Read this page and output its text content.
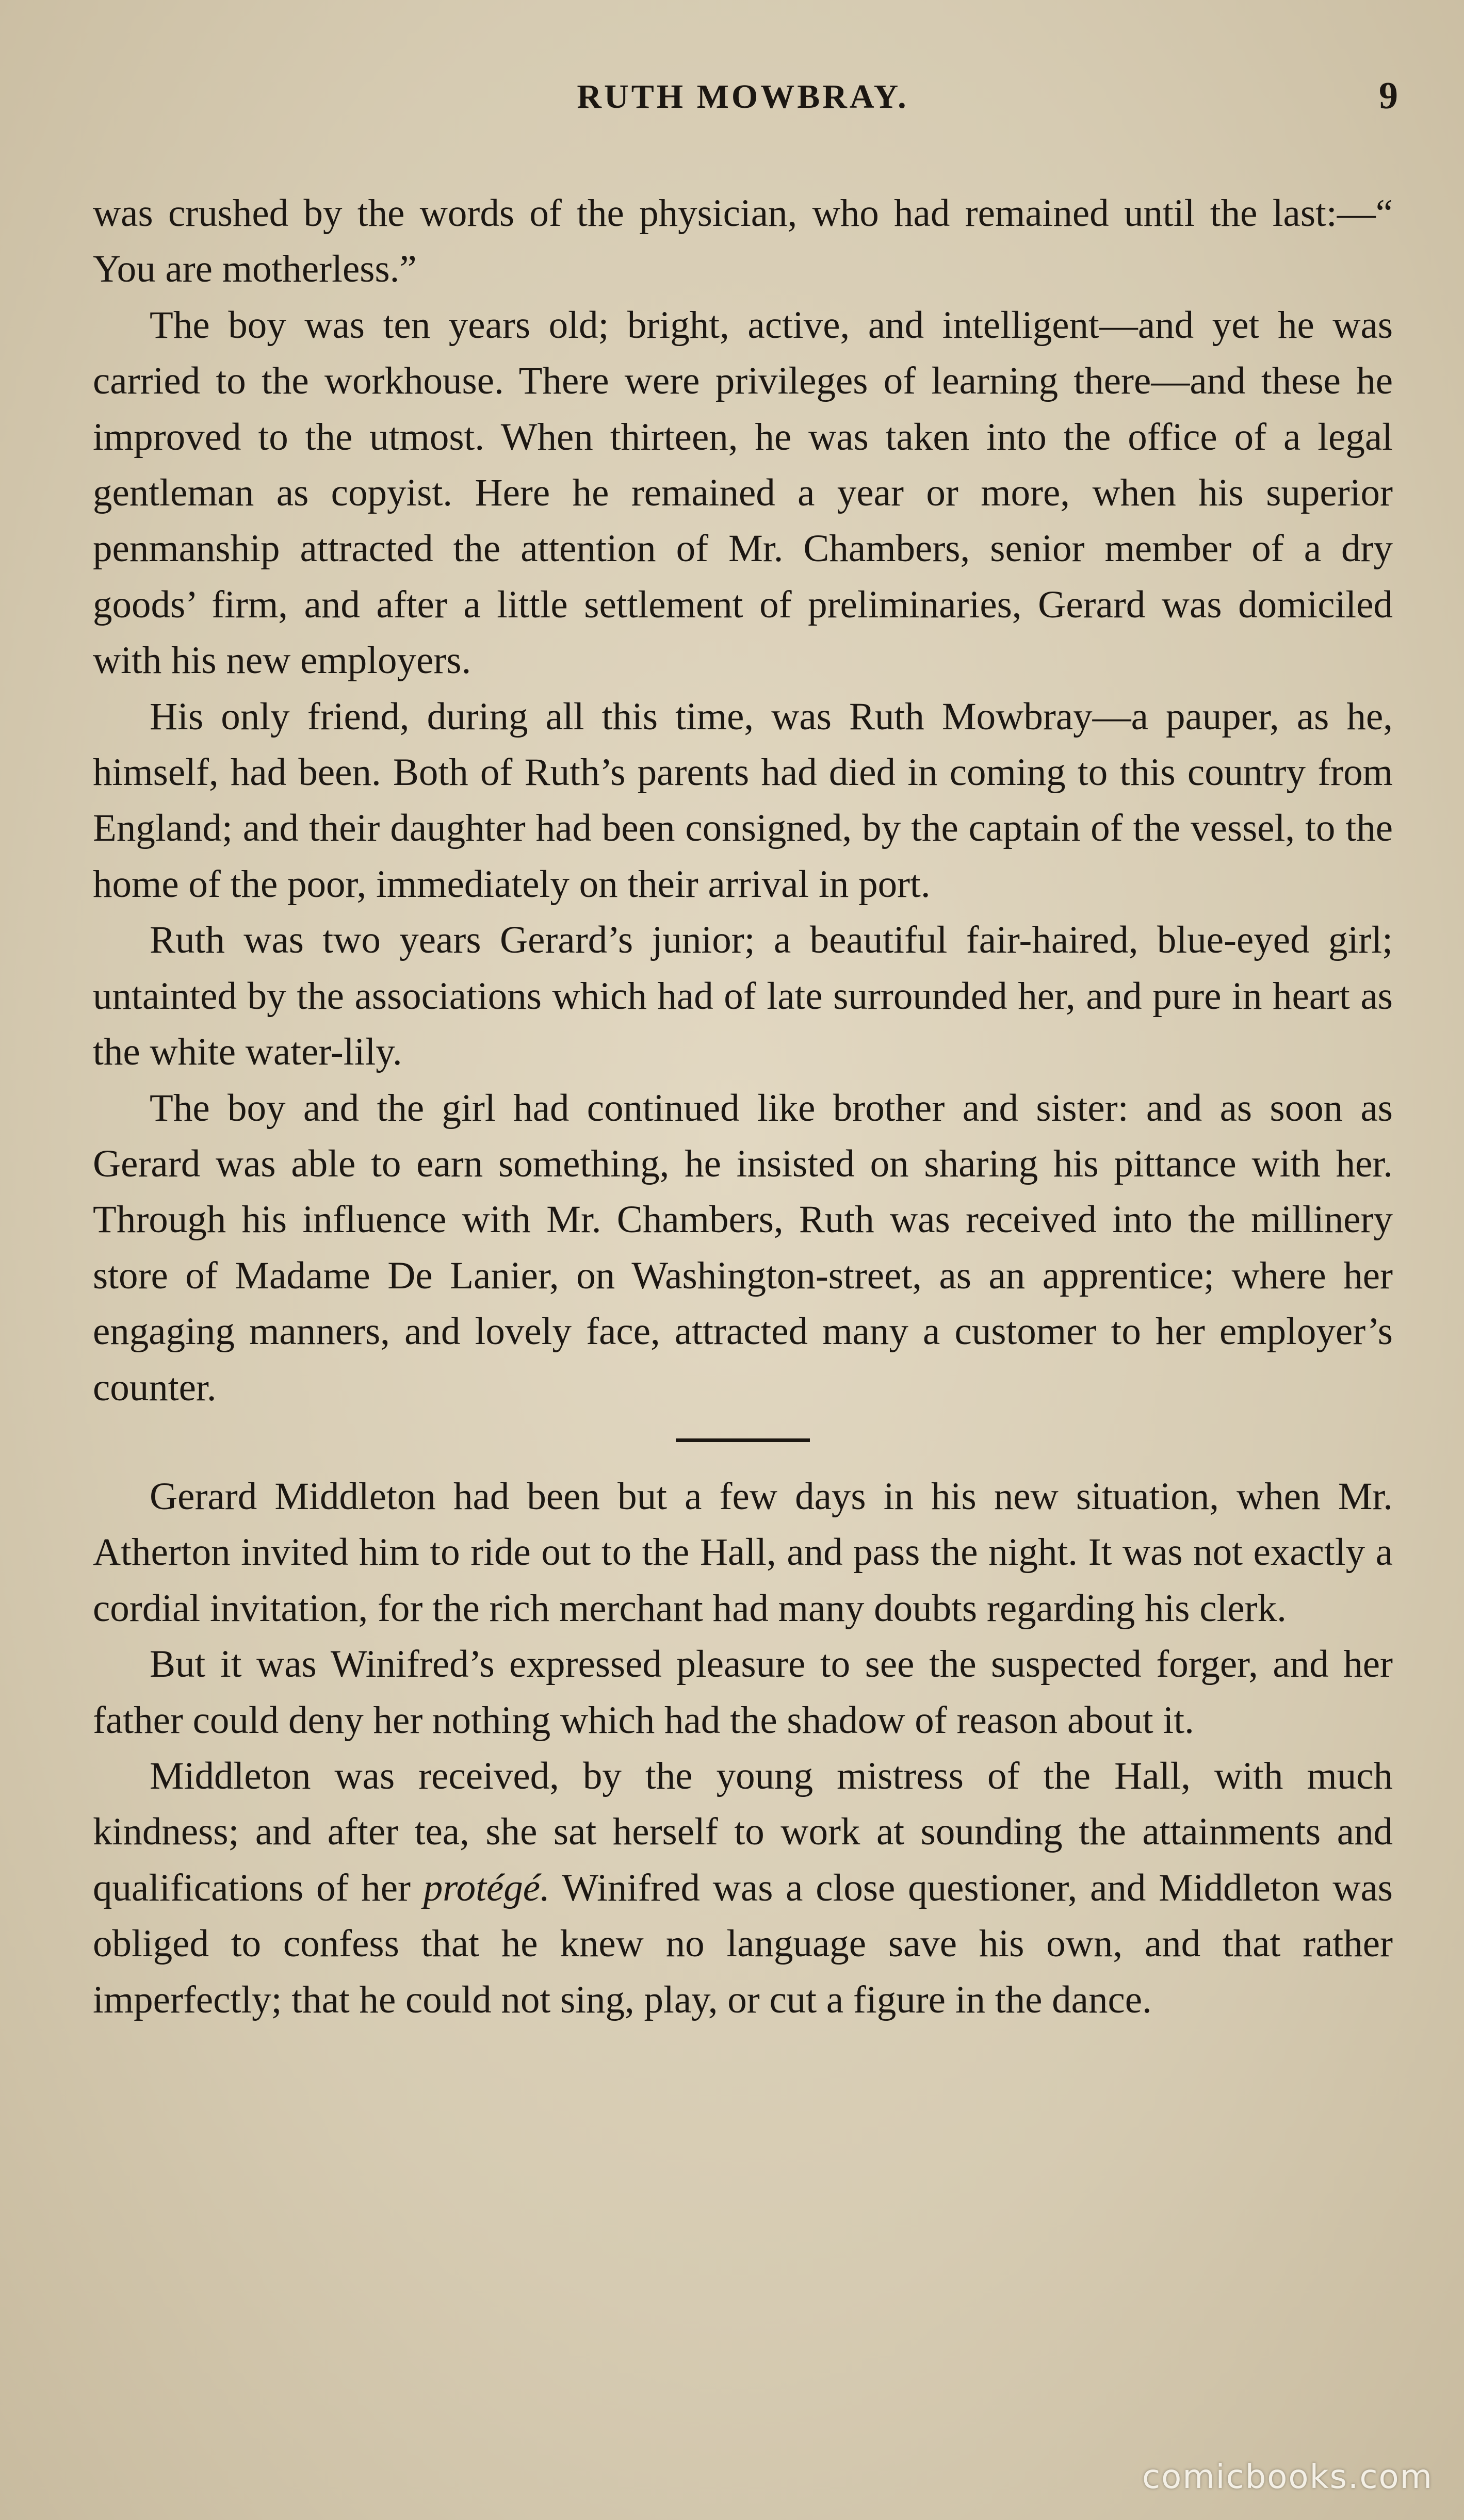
RUTH MOWBRAY.	9

was crushed by the words of the physician, who had remained until the last:—“ You are motherless.”

The boy was ten years old; bright, active, and intelligent—and yet he was carried to the workhouse. There were privileges of learning there—and these he improved to the utmost. When thirteen, he was taken into the office of a legal gentleman as copyist. Here he remained a year or more, when his superior penmanship attracted the attention of Mr. Chambers, senior member of a dry goods’ firm, and after a little settlement of preliminaries, Gerard was domiciled with his new employers.

His only friend, during all this time, was Ruth Mowbray—a pauper, as he, himself, had been. Both of Ruth’s parents had died in coming to this country from England; and their daughter had been consigned, by the captain of the vessel, to the home of the poor, immediately on their arrival in port.

Ruth was two years Gerard’s junior; a beautiful fair-haired, blue-eyed girl; untainted by the associations which had of late surrounded her, and pure in heart as the white water-lily.

The boy and the girl had continued like brother and sister: and as soon as Gerard was able to earn something, he insisted on sharing his pittance with her. Through his influence with Mr. Chambers, Ruth was received into the millinery store of Madame De Lanier, on Washington-street, as an apprentice; where her engaging manners, and lovely face, attracted many a customer to her employer’s counter.

Gerard Middleton had been but a few days in his new situation, when Mr. Atherton invited him to ride out to the Hall, and pass the night. It was not exactly a cordial invitation, for the rich merchant had many doubts regarding his clerk.

But it was Winifred’s expressed pleasure to see the suspected forger, and her father could deny her nothing which had the shadow of reason about it.

Middleton was received, by the young mistress of the Hall, with much kindness; and after tea, she sat herself to work at sounding the attainments and qualifications of her protégé. Winifred was a close questioner, and Middleton was obliged to confess that he knew no language save his own, and that rather imperfectly; that he could not sing, play, or cut a figure in the dance.

comicbooks.com
